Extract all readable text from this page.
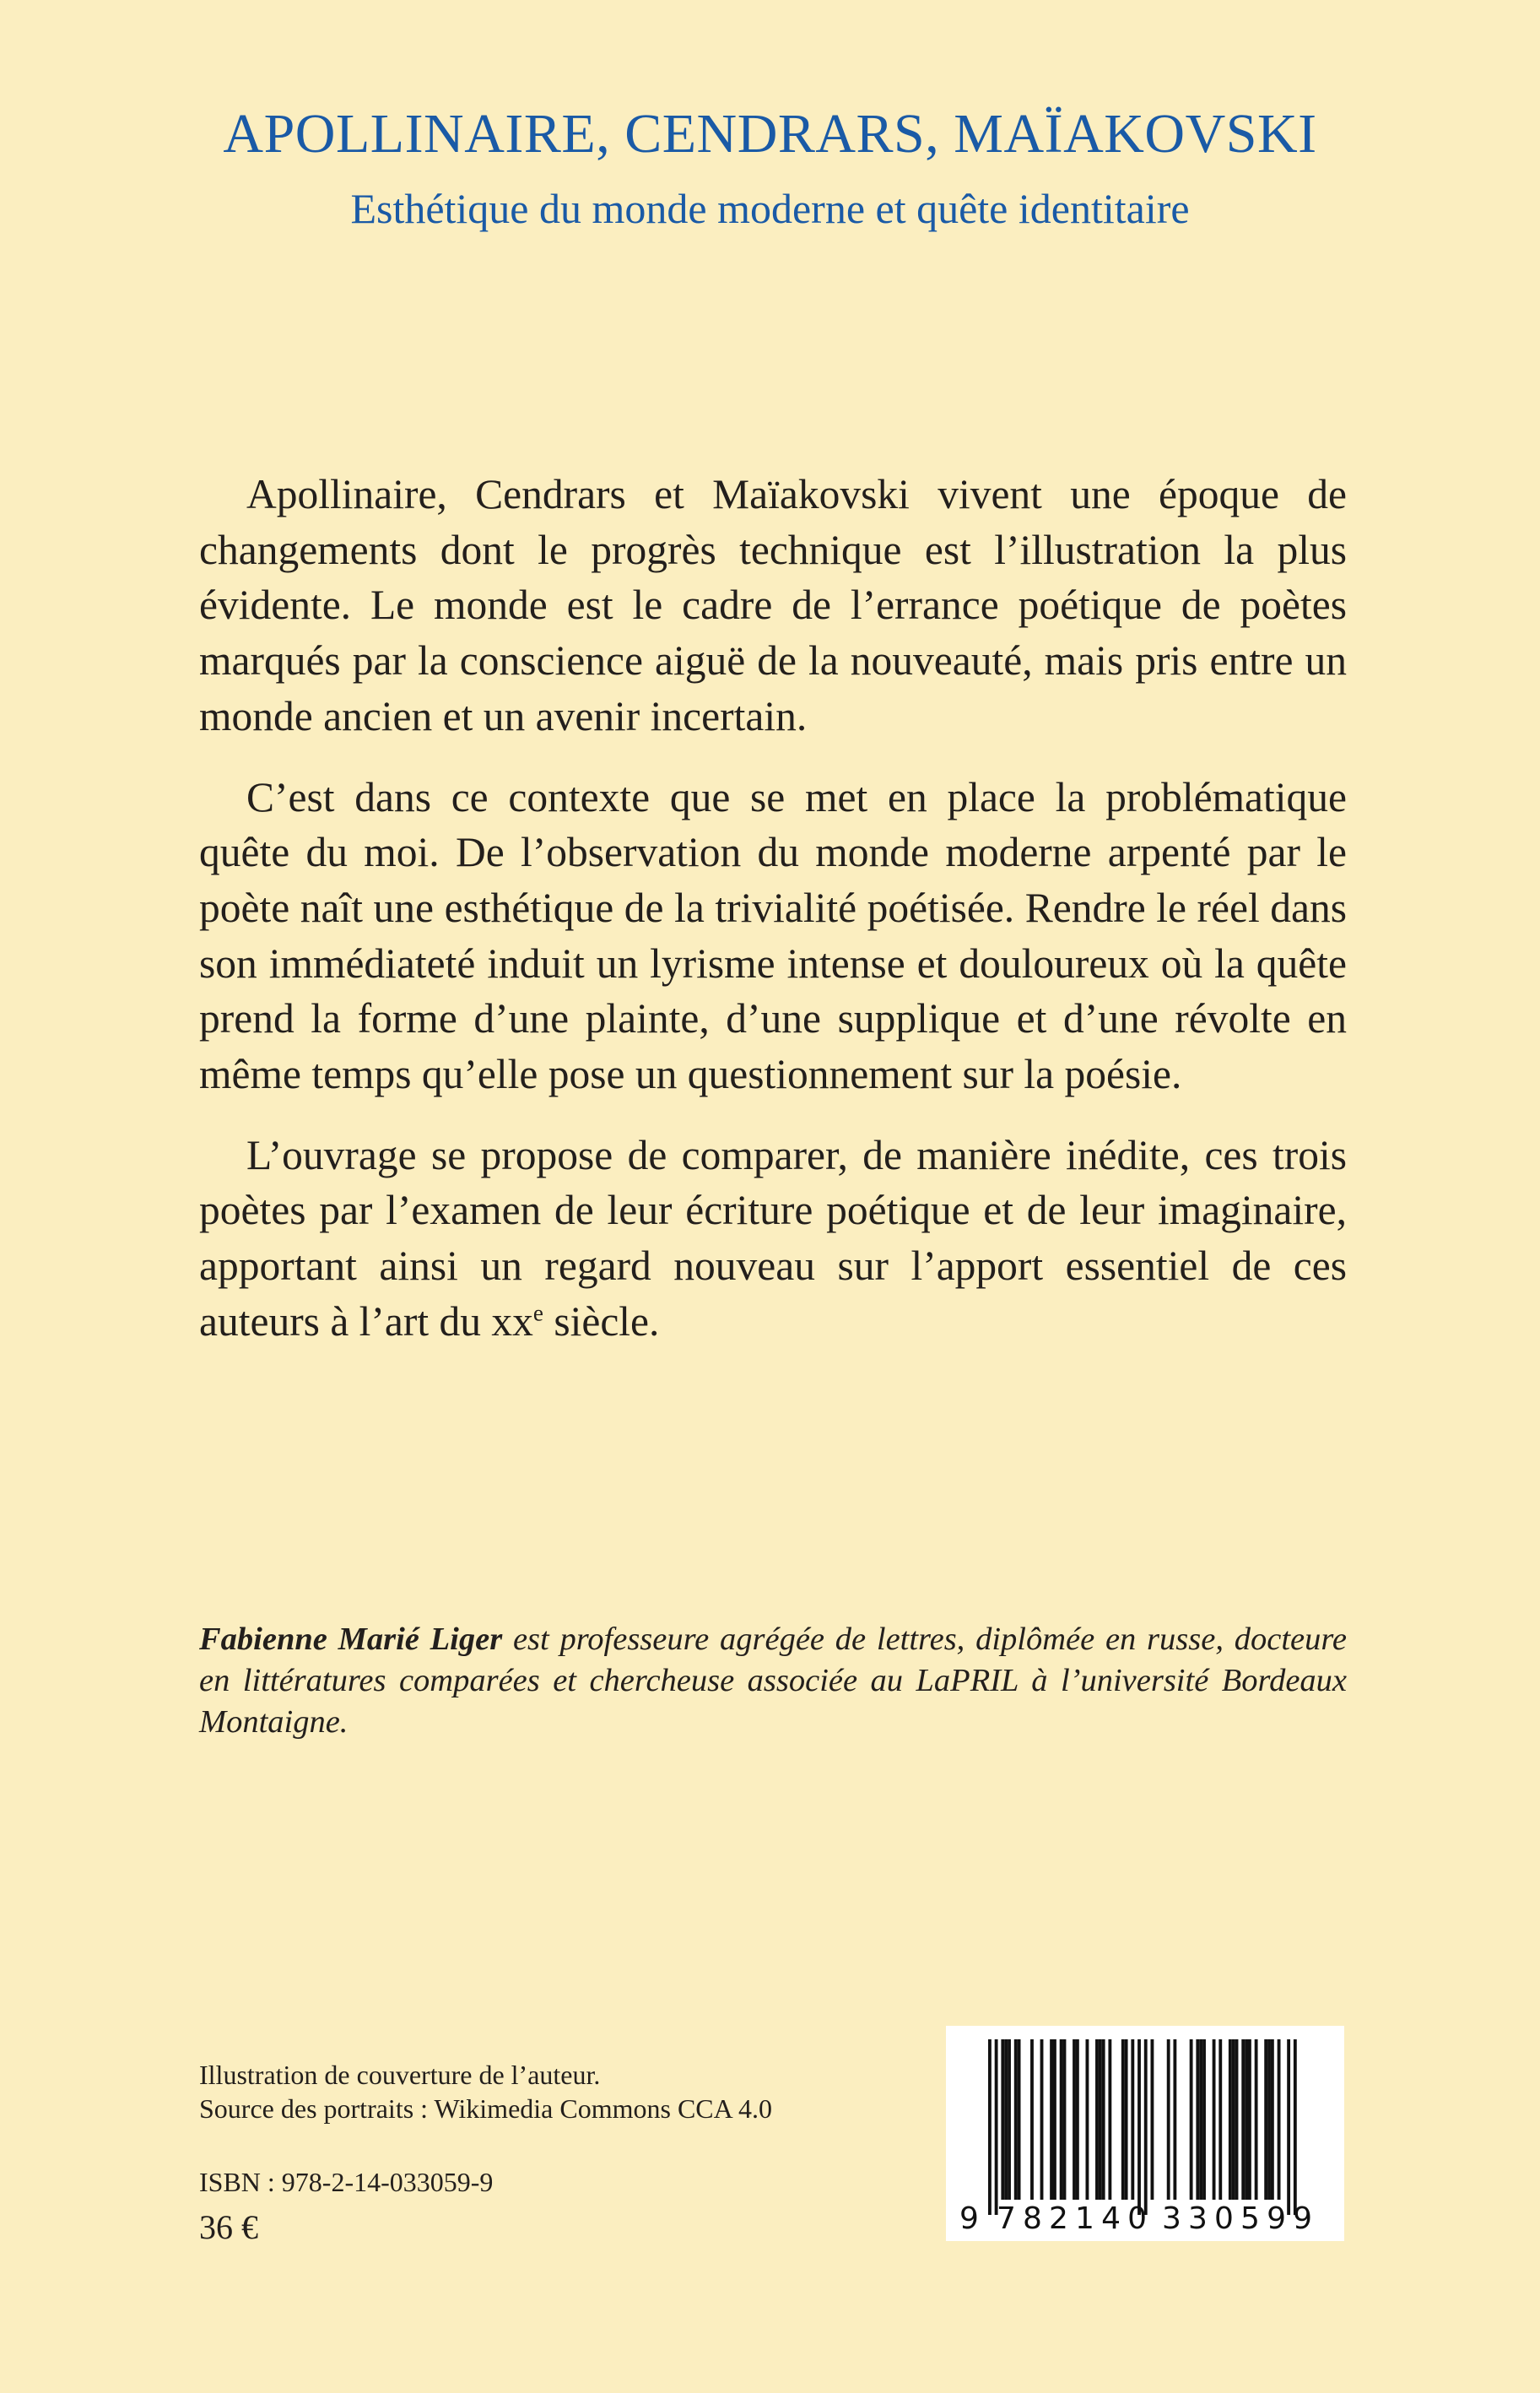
APOLLINAIRE, CENDRARS, MAÏAKOVSKI
Esthétique du monde moderne et quête identitaire

Apollinaire, Cendrars et Maïakovski vivent une époque de changements dont le progrès technique est l’illustration la plus évidente. Le monde est le cadre de l’errance poétique de poètes marqués par la conscience aiguë de la nouveauté, mais pris entre un monde ancien et un avenir incertain.

C’est dans ce contexte que se met en place la problématique quête du moi. De l’observation du monde moderne arpenté par le poète naît une esthétique de la trivialité poétisée. Rendre le réel dans son immédiateté induit un lyrisme intense et douloureux où la quête prend la forme d’une plainte, d’une supplique et d’une révolte en même temps qu’elle pose un questionnement sur la poésie.

L’ouvrage se propose de comparer, de manière inédite, ces trois poètes par l’examen de leur écriture poétique et de leur imaginaire, apportant ainsi un regard nouveau sur l’apport essentiel de ces auteurs à l’art du $xx^e$ siècle.

Fabienne Marié Liger est professeure agrégée de lettres, diplômée en russe, docteure en littératures comparées et chercheuse associée au LaPRIL à l’université Bordeaux Montaigne.

Illustration de couverture de l’auteur.
Source des portraits : Wikimedia Commons CCA 4.0
ISBN : 978-2-14-033059-9
36 €	9 782140 330599
